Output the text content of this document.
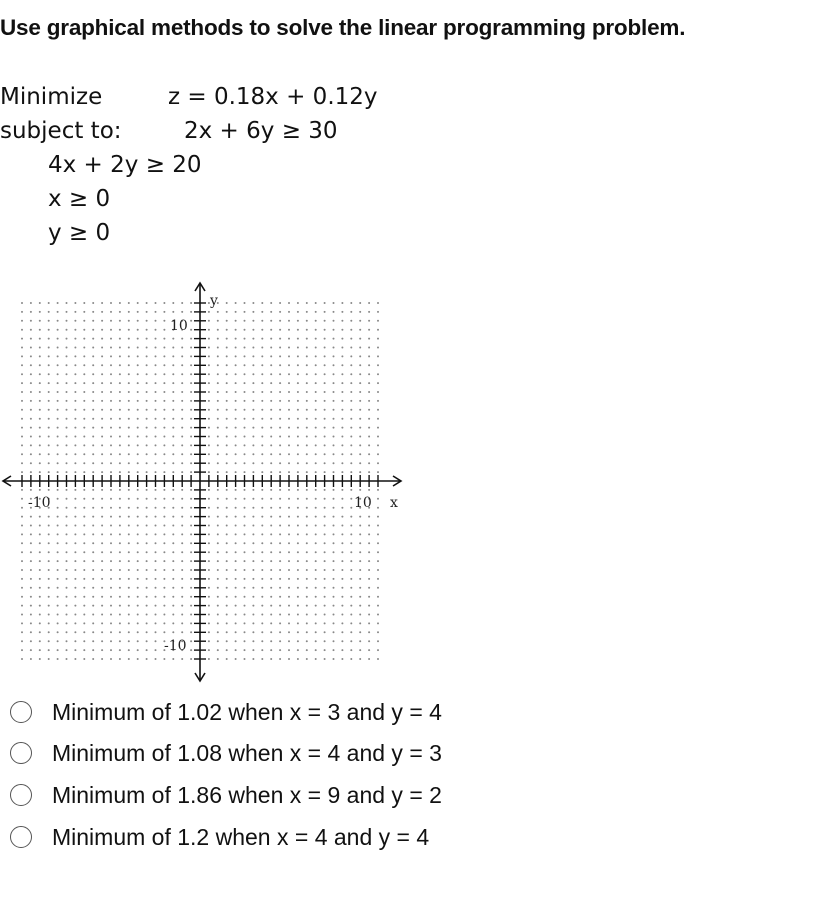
Use graphical methods to solve the linear programming problem.
Minimize	z = 0.18x + 0.12y
subject to:	2x + 6y ≥ 30
4x + 2y ≥ 20
x ≥ 0
y ≥ 0
y
x
10
-10
-10	10
Minimum of 1.02 when x = 3 and y = 4
Minimum of 1.08 when x = 4 and y = 3
Minimum of 1.86 when x = 9 and y = 2
Minimum of 1.2 when x = 4 and y = 4
